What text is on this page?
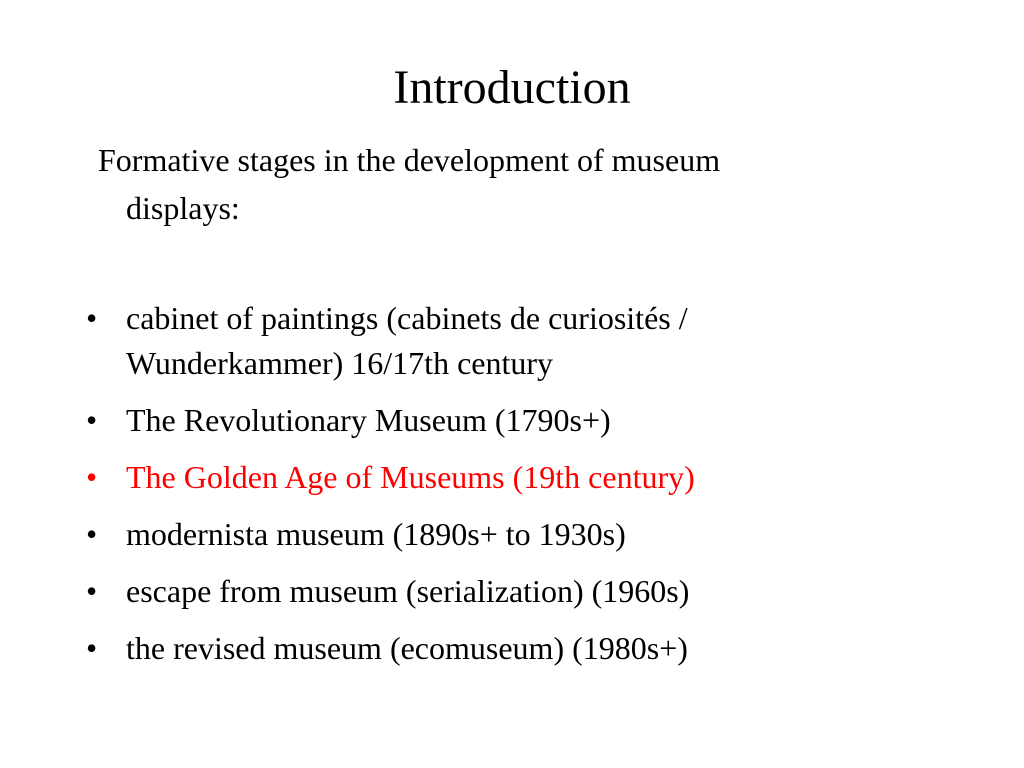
Introduction
Formative stages in the development of museum
displays:
• cabinet of paintings (cabinets de curiosités /
Wunderkammer) 16/17th century
• The Revolutionary Museum (1790s+)
• The Golden Age of Museums (19th century)
• modernista museum (1890s+ to 1930s)
• escape from museum (serialization) (1960s)
• the revised museum (ecomuseum) (1980s+)
